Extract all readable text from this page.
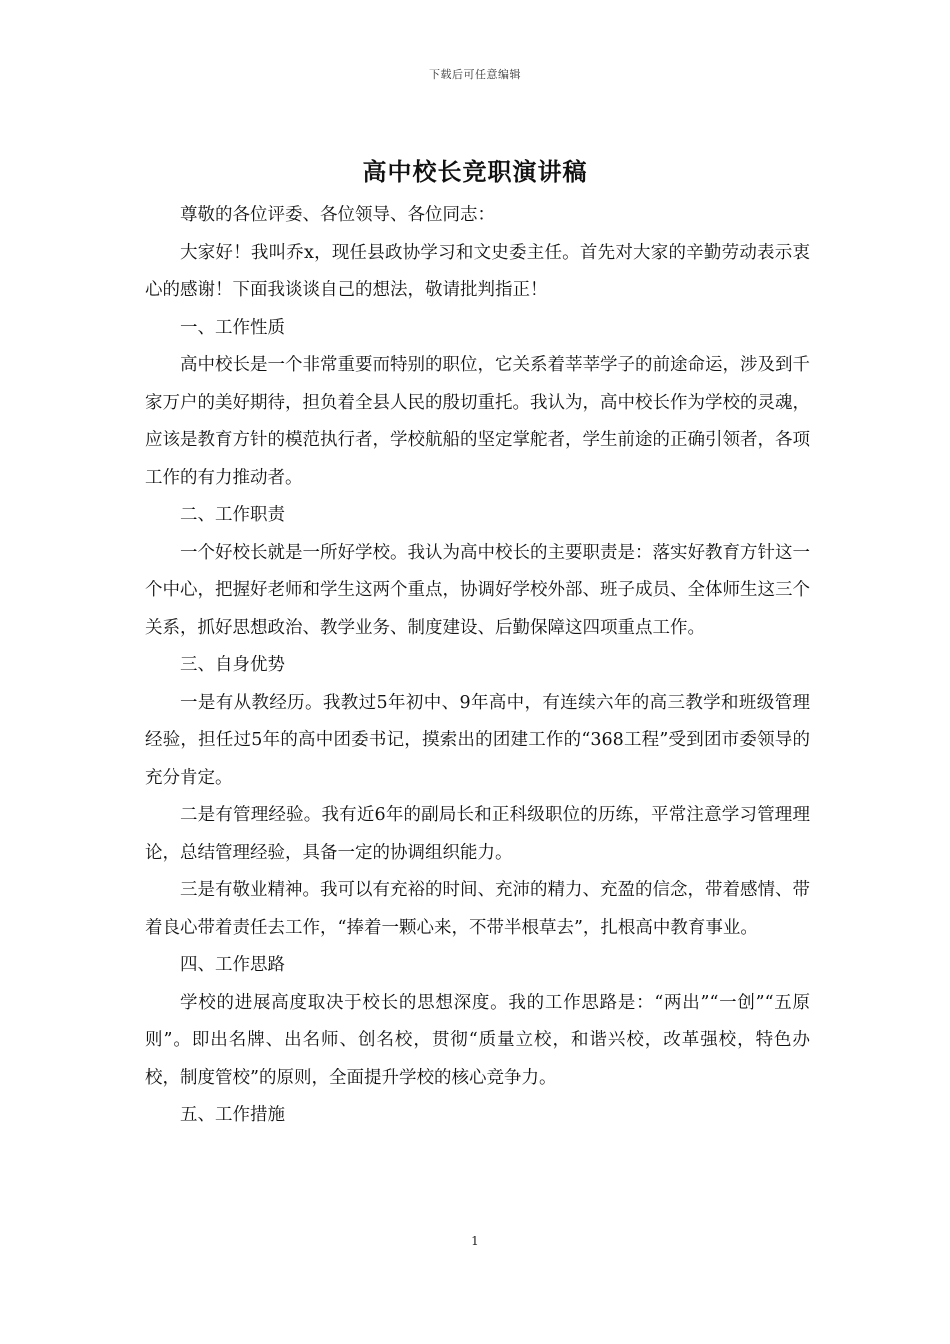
下载后可任意编辑
高中校长竞职演讲稿

尊敬的各位评委、各位领导、各位同志：

大家好！我叫乔x，现任县政协学习和文史委主任。首先对大家的辛勤劳动表示衷心的感谢！下面我谈谈自己的想法，敬请批判指正！

一、工作性质

高中校长是一个非常重要而特别的职位，它关系着莘莘学子的前途命运，涉及到千家万户的美好期待，担负着全县人民的殷切重托。我认为，高中校长作为学校的灵魂，应该是教育方针的模范执行者，学校航船的坚定掌舵者，学生前途的正确引领者，各项工作的有力推动者。

二、工作职责

一个好校长就是一所好学校。我认为高中校长的主要职责是：落实好教育方针这一个中心，把握好老师和学生这两个重点，协调好学校外部、班子成员、全体师生这三个关系，抓好思想政治、教学业务、制度建设、后勤保障这四项重点工作。

三、自身优势

一是有从教经历。我教过5年初中、9年高中，有连续六年的高三教学和班级管理经验，担任过5年的高中团委书记，摸索出的团建工作的“368工程”受到团市委领导的充分肯定。

二是有管理经验。我有近6年的副局长和正科级职位的历练，平常注意学习管理理论，总结管理经验，具备一定的协调组织能力。

三是有敬业精神。我可以有充裕的时间、充沛的精力、充盈的信念，带着感情、带着良心带着责任去工作，“捧着一颗心来，不带半根草去”，扎根高中教育事业。

四、工作思路

学校的进展高度取决于校长的思想深度。我的工作思路是：“两出”“一创”“五原则”。即出名牌、出名师、创名校，贯彻“质量立校，和谐兴校，改革强校，特色办校，制度管校”的原则，全面提升学校的核心竞争力。

五、工作措施

1
